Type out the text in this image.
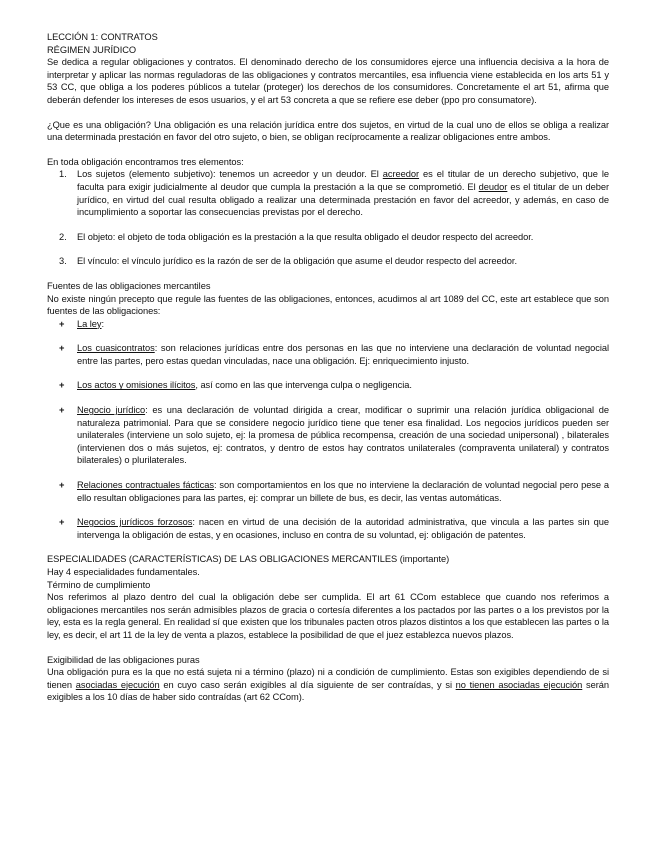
LECCIÓN 1: CONTRATOS

RÉGIMEN JURÍDICO

Se dedica a regular obligaciones y contratos. El denominado derecho de los consumidores ejerce una influencia decisiva a la hora de interpretar y aplicar las normas reguladoras de las obligaciones y contratos mercantiles, esa influencia viene establecida en los arts 51 y 53 CC, que obliga a los poderes públicos a tutelar (proteger) los derechos de los consumidores. Concretamente el art 51, afirma que deberán defender los intereses de esos usuarios, y el art 53 concreta a que se refiere ese deber (ppo pro consumatore).

¿Que es una obligación? Una obligación es una relación jurídica entre dos sujetos, en virtud de la cual uno de ellos se obliga a realizar una determinada prestación en favor del otro sujeto, o bien, se obligan recíprocamente a realizar obligaciones entre ambos.

En toda obligación encontramos tres elementos:

1. Los sujetos (elemento subjetivo): tenemos un acreedor y un deudor. El acreedor es el titular de un derecho subjetivo, que le faculta para exigir judicialmente al deudor que cumpla la prestación a la que se comprometió. El deudor es el titular de un deber jurídico, en virtud del cual resulta obligado a realizar una determinada prestación en favor del acreedor, y además, en caso de incumplimiento a soportar las consecuencias previstas por el derecho.
2. El objeto: el objeto de toda obligación es la prestación a la que resulta obligado el deudor respecto del acreedor.
3. El vínculo: el vínculo jurídico es la razón de ser de la obligación que asume el deudor respecto del acreedor.

Fuentes de las obligaciones mercantiles

No existe ningún precepto que regule las fuentes de las obligaciones, entonces, acudimos al art 1089 del CC, este art establece que son fuentes de las obligaciones:

+ La ley:
+ Los cuasicontratos: son relaciones jurídicas entre dos personas en las que no interviene una declaración de voluntad negocial entre las partes, pero estas quedan vinculadas, nace una obligación. Ej: enriquecimiento injusto.
+ Los actos y omisiones ilícitos, así como en las que intervenga culpa o negligencia.
+ Negocio jurídico: es una declaración de voluntad dirigida a crear, modificar o suprimir una relación jurídica obligacional de naturaleza patrimonial. Para que se considere negocio jurídico tiene que tener esa finalidad. Los negocios jurídicos pueden ser unilaterales (interviene un solo sujeto, ej: la promesa de pública recompensa, creación de una sociedad unipersonal) , bilaterales (intervienen dos o más sujetos, ej: contratos, y dentro de estos hay contratos unilaterales (compraventa unilateral) y contratos bilaterales) o plurilaterales.
+ Relaciones contractuales fácticas: son comportamientos en los que no interviene la declaración de voluntad negocial pero pese a ello resultan obligaciones para las partes, ej: comprar un billete de bus, es decir, las ventas automáticas.
+ Negocios jurídicos forzosos: nacen en virtud de una decisión de la autoridad administrativa, que vincula a las partes sin que intervenga la obligación de estas, y en ocasiones, incluso en contra de su voluntad, ej: obligación de patentes.

ESPECIALIDADES (CARACTERÍSTICAS) DE LAS OBLIGACIONES MERCANTILES (importante)

Hay 4 especialidades fundamentales.

Término de cumplimiento

Nos referimos al plazo dentro del cual la obligación debe ser cumplida. El art 61 CCom establece que cuando nos referimos a obligaciones mercantiles nos serán admisibles plazos de gracia o cortesía diferentes a los pactados por las partes o a los previstos por la ley, esta es la regla general. En realidad sí que existen que los tribunales pacten otros plazos distintos a los que establecen las partes o la ley, es decir, el art 11 de la ley de venta a plazos, establece la posibilidad de que el juez establezca nuevos plazos.

Exigibilidad de las obligaciones puras

Una obligación pura es la que no está sujeta ni a término (plazo) ni a condición de cumplimiento. Estas son exigibles dependiendo de si tienen asociadas ejecución en cuyo caso serán exigibles al día siguiente de ser contraídas, y si no tienen asociadas ejecución serán exigibles a los 10 días de haber sido contraídas (art 62 CCom).
